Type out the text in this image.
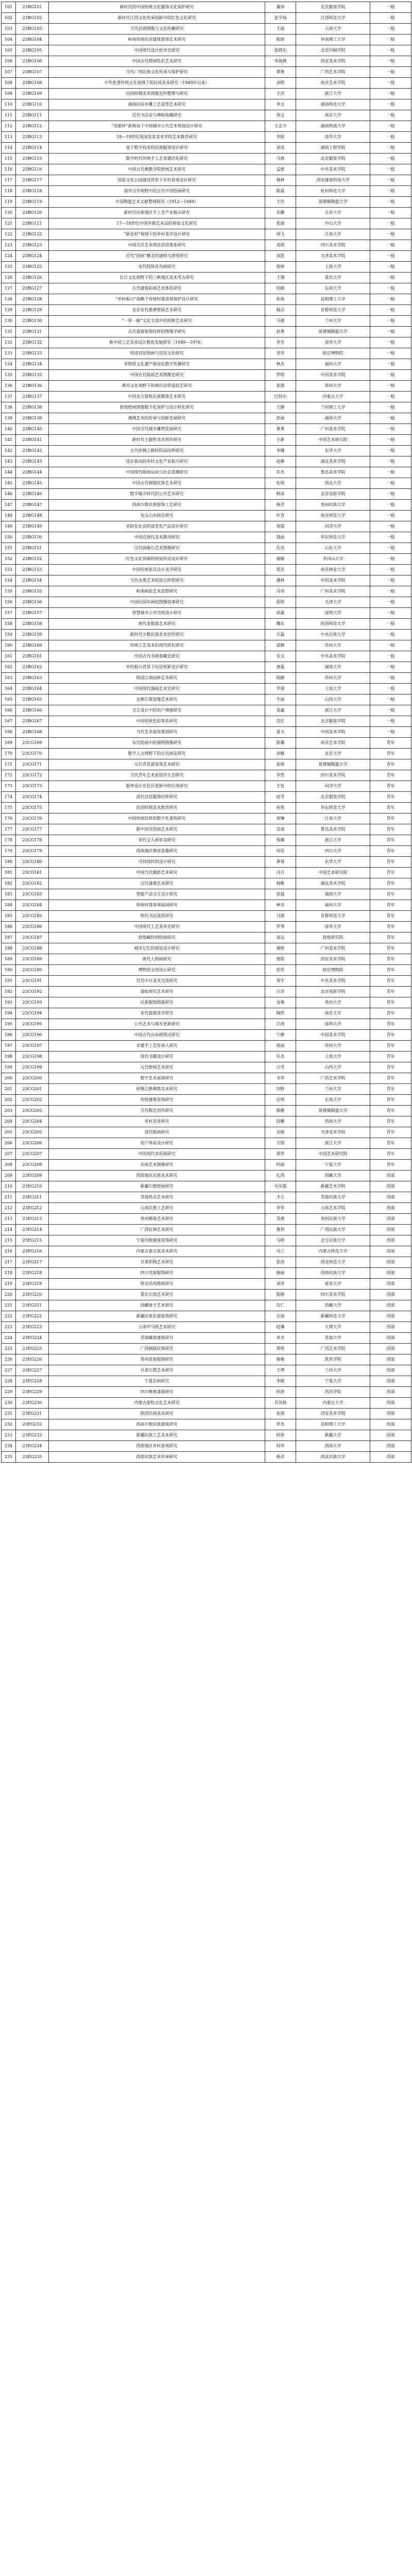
101	23BG101	新时代的中国传统文化服饰文化保护研究	董帅	北京服装学院	一般
102	23BG102	新时代江西文化传承创新中的红色文化研究	张宇扬	江西师范大学	一般
103	23BG103	当代岩画图像与文化传播研究	王丽	云南大学	一般
104	23BG104	岭南传统民居建筑装饰艺术研究	陈晓	华南理工大学	一般
105	23BG105	中国现代设计批评史研究	张晓东	北京印刷学院	一般
106	23BG106	中国古代壁画色彩艺术研究	李海燕	西安美术学院	一般
107	23BG107	当代广西民族文化传承与保护研究	覃艳	广西艺术学院	一般
108	23BG108	中华优秀传统文化视域下的民间美术研究（1949年以来）	刘明	南京艺术学院	一般
109	23BG109	民国时期美术图像史料整理与研究	王浩	浙江大学	一般
110	23BG110	湖南民间木雕工艺造型艺术研究	李文	湖南师范大学	一般
111	23BG111	近代书法家与碑帖收藏研究	周文	南京大学	一般
112	23BG112	“双循环”新格局下中国城市公共艺术规划设计研究	王志斗	湖南科技大学	一般
113	23BG113	18—19世纪英国皇家美术学院艺术教育研究	李阳	清华大学	一般
114	23BG114	基于数字技术的民族服饰设计研究	刘凤	湖南工程学院	一般
115	23BG115	数字时代传统手工艺非遗活化研究	马燕	北京服装学院	一般
116	23BG116	中国古代佛教寺院壁画艺术研究	孟媛	中央美术学院	一般
117	23BG117	国家文化公园建设背景下乡村景观设计研究	杨林	西安建筑科技大学	一般
118	23BG118	海外汉学视野中的古代中国绘画研究	陈晨	杭州师范大学	一般
119	23BG119	中国陶瓷艺术文献整理研究（1912—1949）	王玲	景德镇陶瓷大学	一般
120	23BG120	新时代民族地区手工艺产业振兴研究	朱鹏	吉首大学	一般
121	23BG121	17—18世纪中国外销艺术品的视觉文化研究	张丽	中山大学	一般
122	23BG122	“新农村”视域下的乡村美学设计研究	胡飞	江南大学	一般
123	23BG123	中国当代艺术理论话语体系研究	邓明	四川美术学院	一般
124	23BG124	近代“国画”概念的建构与演变研究	刘思	天津美术学院	一般
125	23BG125	宋代院体花鸟画研究	徐婷	上海大学	一般
126	23BG126	长江文化视野下的三峡地区美术考古研究	王翔	重庆大学	一般
127	23BG127	古代建筑彩画艺术体系研究	何刚	东南大学	一般
128	23BG128	“乡村振兴”战略下传统村落景观保护设计研究	孙海	昆明理工大学	一般
129	23BG129	北京宋代墓葬壁画艺术研究	杨洁	首都师范大学	一般
130	23BG130	“一带一路”文化交流中的丝路艺术研究	马骏	兰州大学	一般
131	23BG131	古代瓷器装饰纹样的图像学研究	赵勇	景德镇陶瓷大学	一般
132	23BG132	新中国工艺美术设计教育发展研究（1949—1976）	李芳	清华大学	一般
133	23BG133	明清宫廷绘画与宫廷文化研究	吴华	故宫博物院	一般
134	23BG134	非物质文化遗产视觉化数字传播研究	林杰	福州大学	一般
135	23BG135	中国古代版画艺术图像史研究	罗明	中国美术学院	一般
136	23BG136	黄河文化视野下传统民居营造技艺研究	张强	郑州大学	一般
137	23BG137	中国北方游牧民族服饰艺术研究	巴特尔	内蒙古大学	一般
138	23BG138	敦煌壁画图像数字化保护与设计转化研究	王静	兰州理工大学	一般
139	23BG139	湘绣艺术的传承与创新发展研究	彭丽	湖南大学	一般
140	23BG140	中国当代城市雕塑发展研究	黄勇	广州美术学院	一般
141	23BG141	新时代主题性美术创作研究	王新	中国艺术研究院	一般
142	23BG142	古代丝绸之路纺织品纹样研究	李娜	东华大学	一般
143	23BG143	设计驱动的乡村文化产业振兴研究	赵峰	湖北美术学院	一般
144	23BG144	中国现代版画运动与社会思潮研究	许杰	鲁迅美术学院	一般
145	23BG145	中国古代铜镜纹饰艺术研究	杜明	西北大学	一般
146	23BG146	数字媒介时代的公共艺术研究	韩冰	北京电影学院	一般
147	23BG147	西南少数民族银饰工艺研究	杨芳	贵州民族大学	一般
148	23BG148	宋元山水画论研究	叶青	南京师范大学	一般
149	23BG149	老龄化社会的适老化产品设计研究	周强	同济大学	一般
150	23BG150	中国近现代美术期刊研究	钱丽	华东师范大学	一般
151	23BG151	汉代画像石艺术图像研究	孔亮	山东大学	一般
152	23BG152	红色文化资源的视觉传达设计研究	谢敏	井冈山大学	一般
153	23BG153	中国传统家具设计美学研究	郑杰	南京林业大学	一般
154	23BG154	当代水墨艺术的语言转型研究	潘林	中国美术学院	一般
155	23BG155	岭南画派艺术思想研究	冯伟	广州美术学院	一般
156	23BG156	中国民间年画的图像叙事研究	邱明	天津大学	一般
157	23BG157	智慧城市公共空间设计研究	侯磊	深圳大学	一般
158	23BG158	唐代金银器艺术研究	魏东	陕西师范大学	一般
159	23BG159	新时代少数民族美术创作研究	石磊	中央民族大学	一般
160	23BG160	传统工艺美术的现代转化研究	梁静	苏州大学	一般
161	23BG161	中国古代书画鉴藏史研究	宋文	中央美术学院	一般
162	23BG162	乡村振兴背景下民居更新设计研究	唐磊	湖南大学	一般
163	23BG163	明清江南园林艺术研究	陆静	苏州大学	一般
164	23BG164	中国现代漫画艺术史研究	毕强	上海大学	一般
165	23BG165	北朝石窟造像艺术研究	牛丽	山西大学	一般
166	23BG166	交互设计中的用户情感研究	金鑫	浙江大学	一般
167	23BG167	中国传统色彩体系研究	范红	北京服装学院	一般
168	23BG168	当代艺术展览策划研究	夏天	中国美术学院	一般
169	23CG169	宋代绘画中的器物图像研究	陈璐	南京艺术学院	青年
170	23CG170	数字人文视野下的古代画论研究	刘畅	北京大学	青年
171	23CG171	元代青花瓷装饰艺术研究	张萌	景德镇陶瓷大学	青年
172	23CG172	当代青年艺术家创作生态研究	李然	四川美术学院	青年
173	23CG173	服务设计在社区更新中的应用研究	王钰	同济大学	青年
174	23CG174	清代宫廷服饰纹样研究	赵雪	北京服装学院	青年
175	23CG175	民国时期美术教育研究	孙悦	华东师范大学	青年
176	23CG176	中国传统纹样的数字化重构研究	周琳	江南大学	青年
177	23CG177	新中国宣传画艺术研究	吴迪	鲁迅美术学院	青年
178	23CG178	宋代文人画审美研究	郑楠	浙江大学	青年
179	23CG179	西南地区摩崖造像研究	何佳	四川大学	青年
180	23CG180	可持续时尚设计研究	黄琦	东华大学	青年
181	23CG181	中国当代摄影艺术研究	冯月	中国艺术研究院	青年
182	23CG182	汉代漆器艺术研究	杨帆	湖北美术学院	青年
183	23CG183	智能产品交互设计研究	徐晨	湖南大学	青年
184	23CG184	传统村落景观基因研究	林芳	福州大学	青年
185	23CG185	明代书法流派研究	马超	首都师范大学	青年
186	23CG186	中国现代工艺美术史研究	罗琴	清华大学	青年
187	23CG187	敦煌藏经洞绘画研究	高远	敦煌研究院	青年
188	23CG188	城市记忆的视觉设计研究	谢婷	广州美术学院	青年
189	23CG189	唐代人物画研究	曹阳	西安美术学院	青年
190	23CG190	博物馆文创设计研究	彭欣	故宫博物院	青年
191	23CG191	近代中日美术交流研究	邹宇	中央美术学院	青年
192	23CG192	虚拟现实艺术研究	汪洋	北京电影学院	青年
193	23CG193	民族服饰图案研究	龙梅	贵州大学	青年
194	23CG194	宋代瓷器美学研究	陶然	南京大学	青年
195	23CG195	公共艺术与城市更新研究	江涛	深圳大学	青年
196	23CG196	中国古代山水画图式研究	宁静	中国美术学院	青年
197	23CG197	非遗手工艺传承人研究	蒋丽	苏州大学	青年
198	23CG198	现代书籍设计研究	任杰	上海大学	青年
199	23CG199	元代壁画艺术研究	白雪	山西大学	青年
200	23CG200	数字艺术展演研究	韦华	广西艺术学院	青年
201	23CG201	丝绸之路佛教美术研究	田野	兰州大学	青年
202	23CG202	传统建筑装饰研究	沈明	东南大学	青年
203	23CG203	当代陶艺创作研究	熊静	景德镇陶瓷大学	青年
204	23CG204	乡村美育研究	段鹏	西南大学	青年
205	23CG205	清代版画研究	余晓	天津美术学院	青年
206	23CG206	用户体验设计研究	方圆	浙江大学	青年
207	23CG207	中国现代水彩画研究	邵华	中国艺术研究院	青年
208	23CG208	岩画艺术图像研究	阿丽	宁夏大学	青年
209	23EG209	西部地区民族美术研究	扎西	西藏大学	西部
210	23EG210	新疆石窟壁画研究	买买提	新疆艺术学院	西部
211	23EG211	青海热贡艺术研究	才让	青海民族大学	西部
212	23EG212	云南民族工艺研究	李华	云南艺术学院	西部
213	23EG213	贵州蜡染艺术研究	吴燕	贵州民族大学	西部
214	23EG214	广西壮锦艺术研究	黄莉	广西民族大学	西部
215	23EG215	宁夏回族建筑装饰研究	马明	北方民族大学	西部
216	23EG216	内蒙古蒙古族美术研究	乌兰	内蒙古师范大学	西部
217	23EG217	甘肃彩陶艺术研究	张涛	西北师范大学	西部
218	23EG218	四川羌族服饰研究	杨丽	西南民族大学	西部
219	23EG219	陕北民间剪纸研究	刘芳	延安大学	西部
220	23EG220	重庆石刻艺术研究	陈刚	四川美术学院	西部
221	23EG221	西藏唐卡艺术研究	次仁	西藏大学	西部
222	23EG222	新疆民族乐器装饰研究	古丽	新疆师范大学	西部
223	23EG223	云南甲马纸艺术研究	赵琳	大理大学	西部
224	23EG224	青海藏族建筑研究	多杰	青海大学	西部
225	23EG225	广西铜鼓纹饰研究	覃明	广西艺术学院	西部
226	23EG226	贵州苗族银饰研究	杨梅	凯里学院	西部
227	23EG227	甘肃石窟艺术研究	王博	兰州大学	西部
228	23EG228	宁夏岩画研究	李刚	宁夏大学	西部
229	23EG229	四川彝族漆器研究	阿洛	西昌学院	西部
230	23EG230	内蒙古游牧文化艺术研究	其其格	内蒙古大学	西部
231	23EG231	陕西民间美术研究	孙强	西安美术学院	西部
232	23EG232	西南少数民族建筑研究	罗杰	昆明理工大学	西部
233	23EG233	新疆民族工艺美术研究	阿依	新疆大学	西部
234	23EG234	西部地区乡村景观研究	何华	西南大学	西部
235	23EG235	西部民族艺术传承研究	杨洋	西北民族大学	西部
